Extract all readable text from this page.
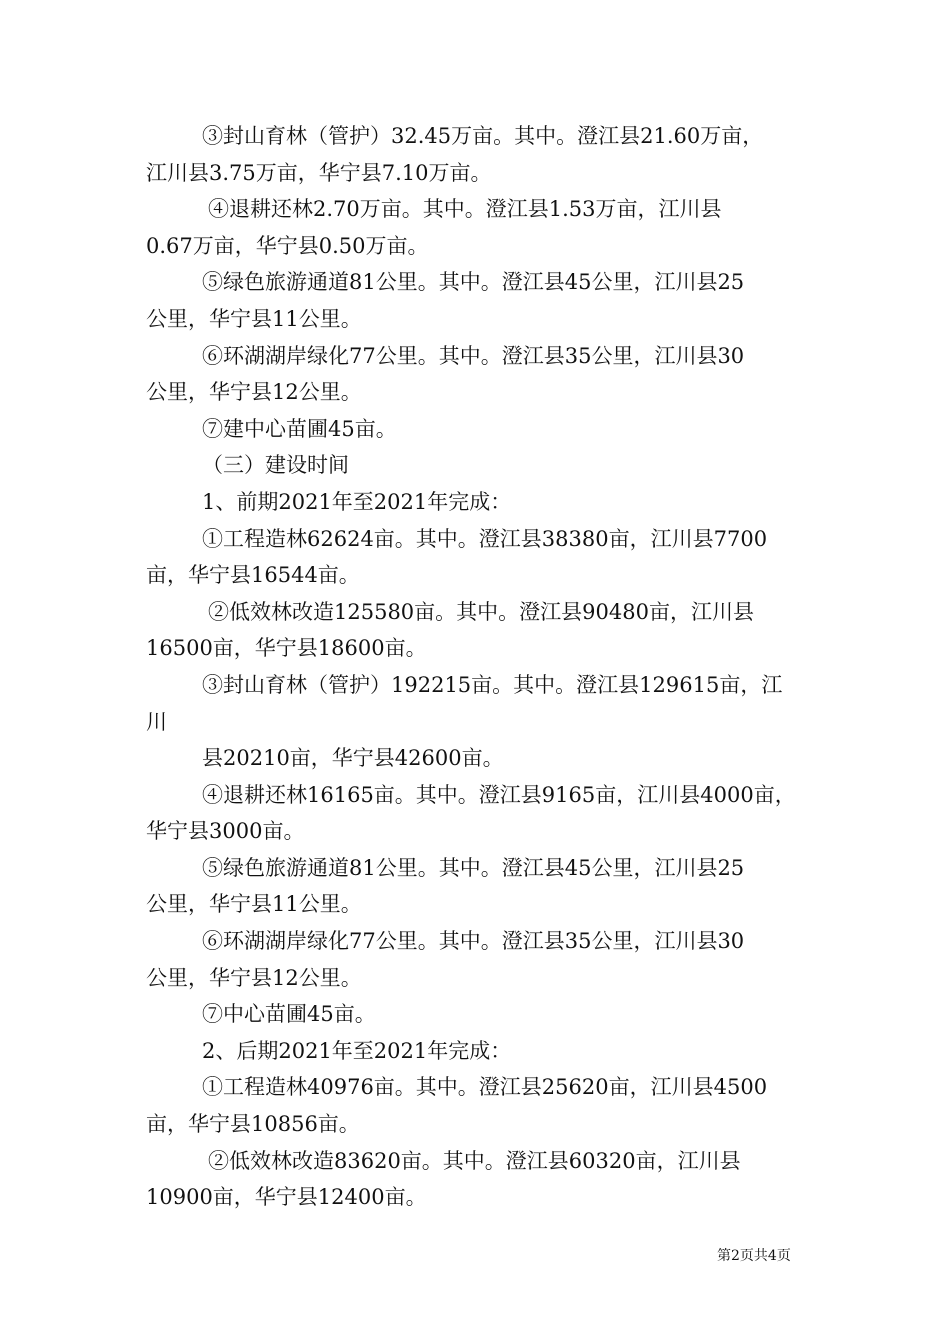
③封山育林（管护）32.45万亩。其中。澄江县21.60万亩，
江川县3.75万亩，华宁县7.10万亩。
④退耕还林2.70万亩。其中。澄江县1.53万亩，江川县
0.67万亩，华宁县0.50万亩。
⑤绿色旅游通道81公里。其中。澄江县45公里，江川县25
公里，华宁县11公里。
⑥环湖湖岸绿化77公里。其中。澄江县35公里，江川县30
公里，华宁县12公里。
⑦建中心苗圃45亩。
（三）建设时间
1、前期2021年至2021年完成：
①工程造林62624亩。其中。澄江县38380亩，江川县7700
亩，华宁县16544亩。
②低效林改造125580亩。其中。澄江县90480亩，江川县
16500亩，华宁县18600亩。
③封山育林（管护）192215亩。其中。澄江县129615亩，江
川
县20210亩，华宁县42600亩。
④退耕还林16165亩。其中。澄江县9165亩，江川县4000亩，
华宁县3000亩。
⑤绿色旅游通道81公里。其中。澄江县45公里，江川县25
公里，华宁县11公里。
⑥环湖湖岸绿化77公里。其中。澄江县35公里，江川县30
公里，华宁县12公里。
⑦中心苗圃45亩。
2、后期2021年至2021年完成：
①工程造林40976亩。其中。澄江县25620亩，江川县4500
亩，华宁县10856亩。
②低效林改造83620亩。其中。澄江县60320亩，江川县
10900亩，华宁县12400亩。
第2页共4页
